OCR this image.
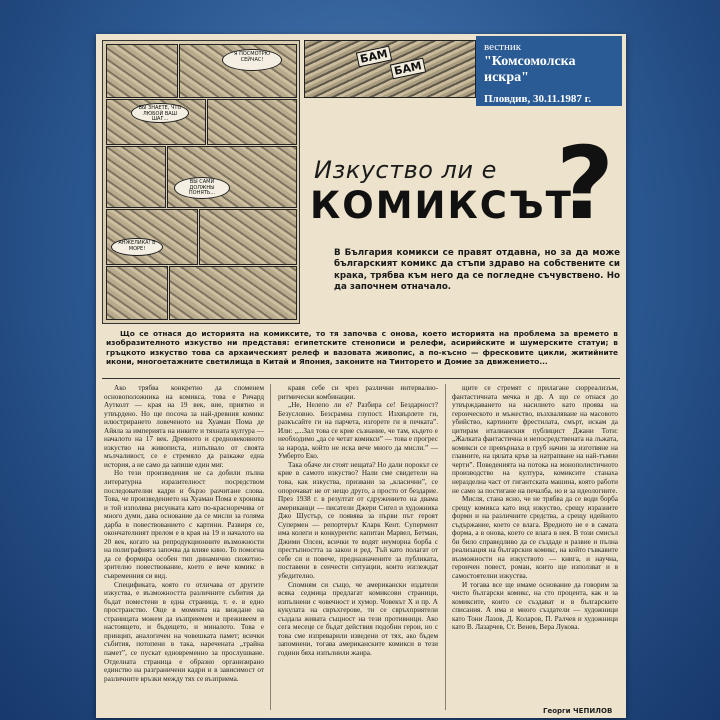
Я ПОСМОТРЮ СЕЙЧАС!
ВЫ ЗНАЕТЕ, ЧТО ЛЮБОЙ ВАШ ШАГ...
ВЫ САМИ ДОЛЖНЫ ПОНЯТЬ...
АНЖЕЛИКА! В МОРЕ!
БАМ
БАМ
Изкуство ли е
КОМИКСЪТ
?
В България комикси се правят отдавна, но за да може българският комикс да стъпи здраво на собствените си крака, трябва към него да се погледне съчувствено. Но да започнем отначало.
Що се отнася до историята на комиксите, то тя започва с онова, което историята на проблема за времето в изобразителното изкуство ни представя: египетските стенописи и релефи, асирийските и шумерските статуи; в гръцкото изкуство това са архаическият релеф и вазовата живопис, а по-късно — фресковите цикли, житийните икони, многоетажните светилища в Китай и Япония, законите на Тинторето и Домие за движението...

Ако трябва конкретно да споменем основоположника на комикса, това е Ричард Аутколт — края на 19 век, вие, приятно и утвърдено. Но ще посоча за най-древния комикс илюстрирането ловеченото на Хуаман Пома де Айяла за империята на инките и тяхната култура — началото на 17 век. Древното и средновековното изкуство на живописта, изпълвало от своята мълчаливост, се е стремяло да разкаже една история, а не само да запише един миг.

Но тези произведения не са добили пълна литературна изразителност посредством последователни кадри и бързо разчитане слова. Това, че произведението на Хуаман Пома е хроника и той изполвва рисунката като по-красноречива от много думи, дава основание да се мисли за голяма дарба в повествованието с картини. Развиря се, окончателният прелом е в края на 19 и началото на 20 век, когато на репродукционните възможности на полиграфията започва да влияе кино. То помогна да се формира особен тип динамично сюжетно-зрително повествование, което е вече комикс в съвременния си вид.

Спецификата, която го отличава от другите изкуства, е възможността различните събития да бъдат поместени в една страница, т. е. в едно пространство. Още в момента на виждане на страницата можем да възприемем и преживеем и настоящето, и бъдещето, и миналото. Това е принцип, аналогичен на човешката памет; всички събития, потопени в така, наречената „трайна памет”, се пускат едновременно за прослушване. Отделната страница е образно организирано единство на разграничени кадри и в зависимост от различните връзки между тях се възприема.

кравя себе си чрез различни интервално-ритмически комбинации.

„Не, Нелепо ли е? Разбира се! Бездарност? Безусловно. Безсрамна глупост. Изхвърлете ги, разкъсайте ги на парчета, изгорете ги в печката”. Или: „...Зал това се крие съзнание, че там, където е необходимо „да се четат комикси” — това е прогрес за народа, който не иска вече много да мисли.” — Умберто Еко.

Така обаче ли стоят нещата? Но дали порокът се крие в самото изкуство? Нали сме свидетели на това, как изкуства, призвани за „класични”, се опорочават не от нещо друго, а просто от бездарие. През 1938 г. в резултат от сдружението на двама американци — писатели Джери Сигел и художника Джо Шустър, се появява за първи път героят Супермен — репортерът Кларк Кент. Супермент има колеги и конкуренти: капитан Марвел, Бетман, Джими Олсен, всички те водят неуморна борба с престъпността за закон и ред. Тъй като полагат от себе си и повече, предназначените за публиката, поставени в сенчести ситуации, които изглеждат убедително.

Спомням си също, че американски издатели всяка седмица предлагат комиксови страници, изпълнени с човечност и хумор. Човекът X и пр. А кукулата на свръхгерове, ти се свръхприятели създала живата същност на тези противници. Ако сега месеце се бъдат действия подобни герои, но с това сме изпреварили изведени от тях, ако бъдем запомнени, тогава американските комикси в тези години бяха изпълнили жанра.

щите се стремят с прилагане сюрреализъм, фантастичната мечка и др. А що се отнася до утвърждаването на насилието като проява на героическото и мъжество, възхваляване на масовото убийство, картините фрестилата, смърт, искам да цитирам италианския публицист Джани Тоти: „Жалката фантастична и непосредствената на лъжата, комикси се превърнаха в груб начин за изготвяне на главните, на цялата кръв за натрапване на най-тъмни черти”. Поведенията на потока на монополистичното производство на култура, комиксите станаха неразделна част от гигантската машина, която работи не само за постигане на печалба, но и за идеологиите.

Мисля, стана ясно, че не трябва да се води борба срещу комикса като вид изкуство, срещу изразните форми и на различните средства, а срещу идейното съдържание, което се влага. Вредното не е в самата форма, а в онова, което се влага в нея. В този смисъл би било справедливо да се създаде и развие и пълна реализация на българския комикс, на който гъвкавите възможности на изкуството — книга, и научна, героичен повест, роман, които ще използват и в самостоятелни изкуства.

И тогава все ще имаме основание да говорим за чисто български комикс, на сто процента, как и за комиксите, които се създават и в българските списания. А има и много създатели — художници като Тони Лазов, Д. Коларов, П. Ралчев и художници като В. Лазарчев, Ст. Венев, Вера Лукова.

Георги ЧЕПИЛОВ
вестник
"Комсомолска искра"
Пловдив, 30.11.1987 г.
